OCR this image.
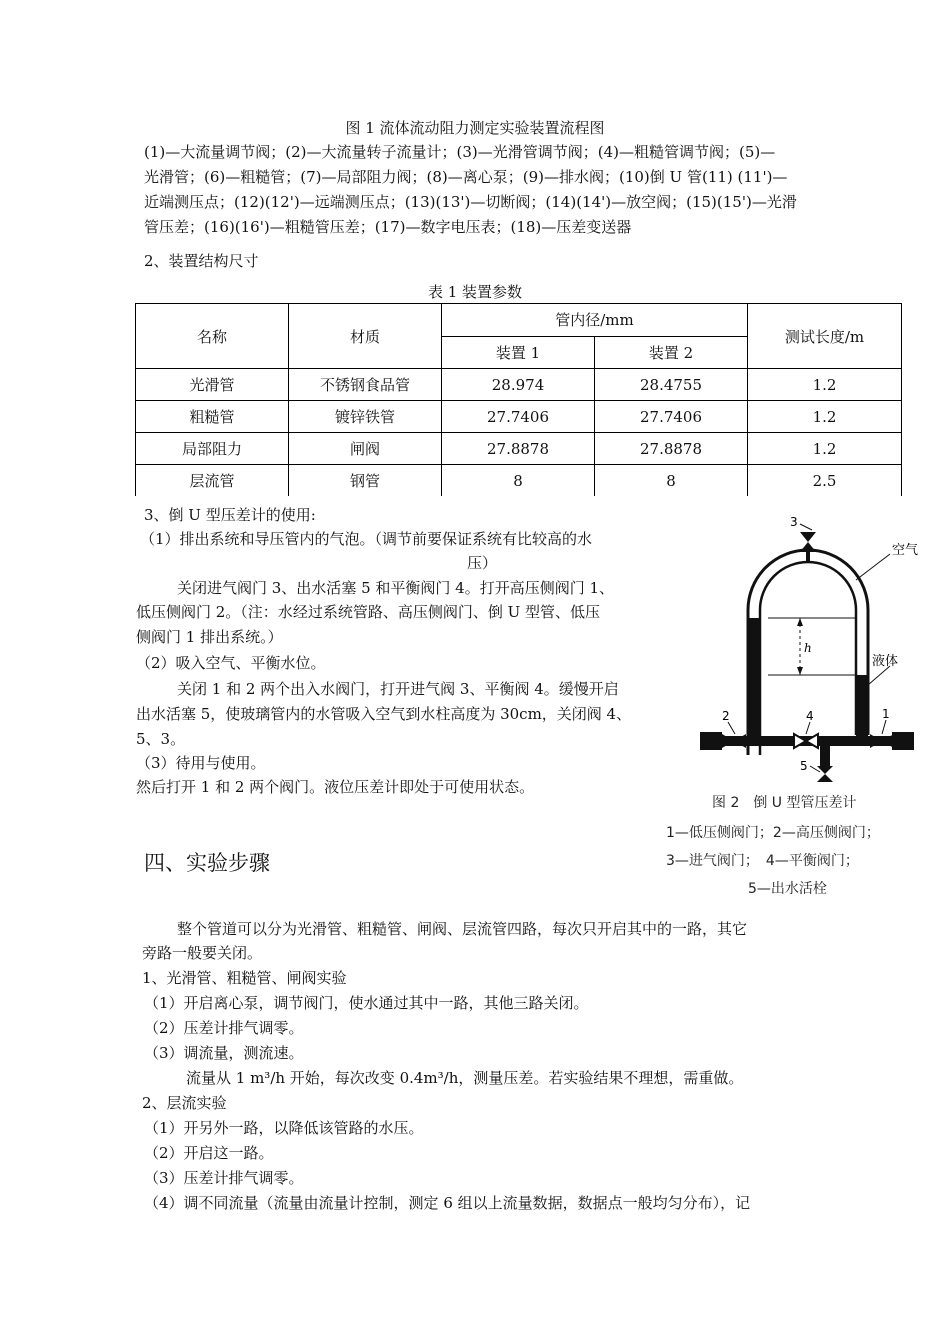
图 1 流体流动阻力测定实验装置流程图
(1)—大流量调节阀；(2)—大流量转子流量计；(3)—光滑管调节阀；(4)—粗糙管调节阀；(5)—
光滑管；(6)—粗糙管；(7)—局部阻力阀；(8)—离心泵；(9)—排水阀；(10)倒 U 管(11) (11')—
近端测压点；(12)(12')—远端测压点；(13)(13')—切断阀；(14)(14')—放空阀；(15)(15')—光滑
管压差；(16)(16')—粗糙管压差；(17)—数字电压表；(18)—压差变送器
2、装置结构尺寸
表 1 装置参数
名称	材质	管内径/mm		测试长度/m
		装置 1	装置 2	
光滑管	不锈钢食品管	28.974	28.4755	1.2
粗糙管	镀锌铁管	27.7406	27.7406	1.2
局部阻力	闸阀	27.8878	27.8878	1.2
层流管	钢管	8	8	2.5
3、倒 U 型压差计的使用:
（1）排出系统和导压管内的气泡。（调节前要保证系统有比较高的水
压）
关闭进气阀门 3、出水活塞 5 和平衡阀门 4。打开高压侧阀门 1、
低压侧阀门 2。（注：水经过系统管路、高压侧阀门、倒 U 型管、低压
侧阀门 1 排出系统。）
（2）吸入空气、平衡水位。
关闭 1 和 2 两个出入水阀门，打开进气阀 3、平衡阀 4。缓慢开启
出水活塞 5，使玻璃管内的水管吸入空气到水柱高度为 30cm，关闭阀 4、
5、3。
（3）待用与使用。
然后打开 1 和 2 两个阀门。液位压差计即处于可使用状态。
3
空气
液体
h
2	4	1
5
图 2　倒 U 型管压差计
1—低压侧阀门；2—高压侧阀门；
3—进气阀门；　4—平衡阀门；
5—出水活栓
四、实验步骤
整个管道可以分为光滑管、粗糙管、闸阀、层流管四路，每次只开启其中的一路，其它
旁路一般要关闭。
1、光滑管、粗糙管、闸阀实验
（1）开启离心泵，调节阀门，使水通过其中一路，其他三路关闭。
（2）压差计排气调零。
（3）调流量，测流速。
流量从 1 m³/h 开始，每次改变 0.4m³/h，测量压差。若实验结果不理想，需重做。
2、层流实验
（1）开另外一路，以降低该管路的水压。
（2）开启这一路。
（3）压差计排气调零。
（4）调不同流量（流量由流量计控制，测定 6 组以上流量数据，数据点一般均匀分布），记
